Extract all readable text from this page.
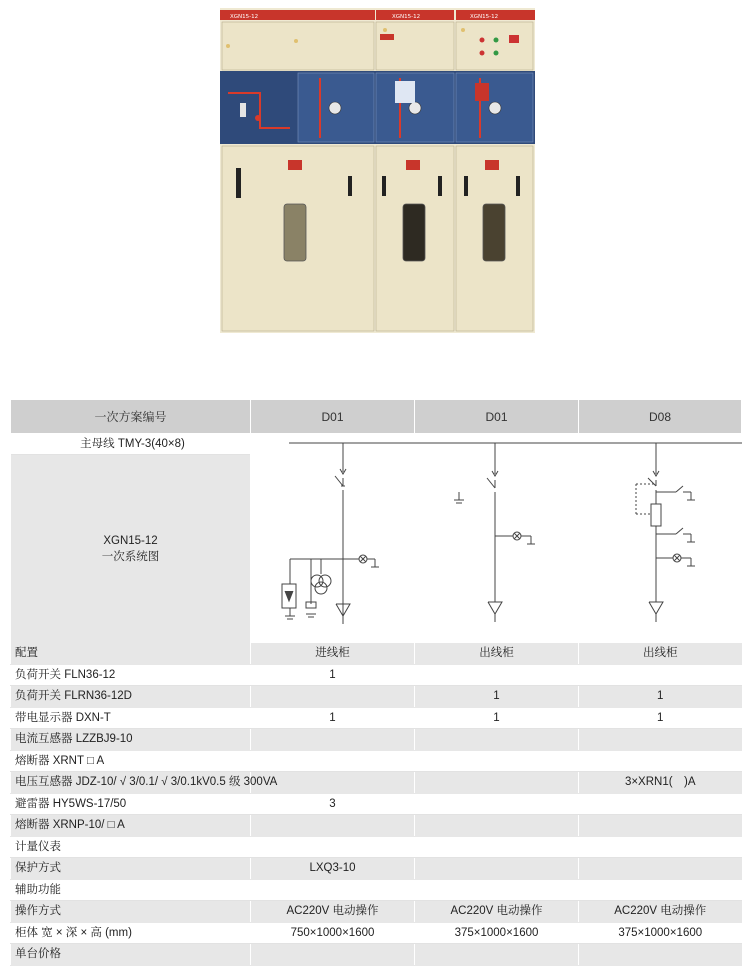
XGN15-12	XGN15-12	XGN15-12
一次方案编号	D01	D01	D08

主母线 TMY-3(40×8)
XGN15-12
一次系统图

配置	进线柜	出线柜	出线柜
负荷开关 FLN36-12	1		
负荷开关 FLRN36-12D		1	1
带电显示器 DXN-T	1	1	1
电流互感器 LZZBJ9-10			
熔断器 XRNT □ A			
电压互感器 JDZ-10/ √ 3/0.1/ √ 3/0.1kV0.5 级 300VA			3×XRN1(　)A
避雷器 HY5WS-17/50	3		
熔断器 XRNP-10/ □ A			
计量仪表			
保护方式	LXQ3-10		
辅助功能			
操作方式	AC220V 电动操作	AC220V 电动操作	AC220V 电动操作
柜体 宽 × 深 × 高 (mm)	750×1000×1600	375×1000×1600	375×1000×1600
单台价格			
